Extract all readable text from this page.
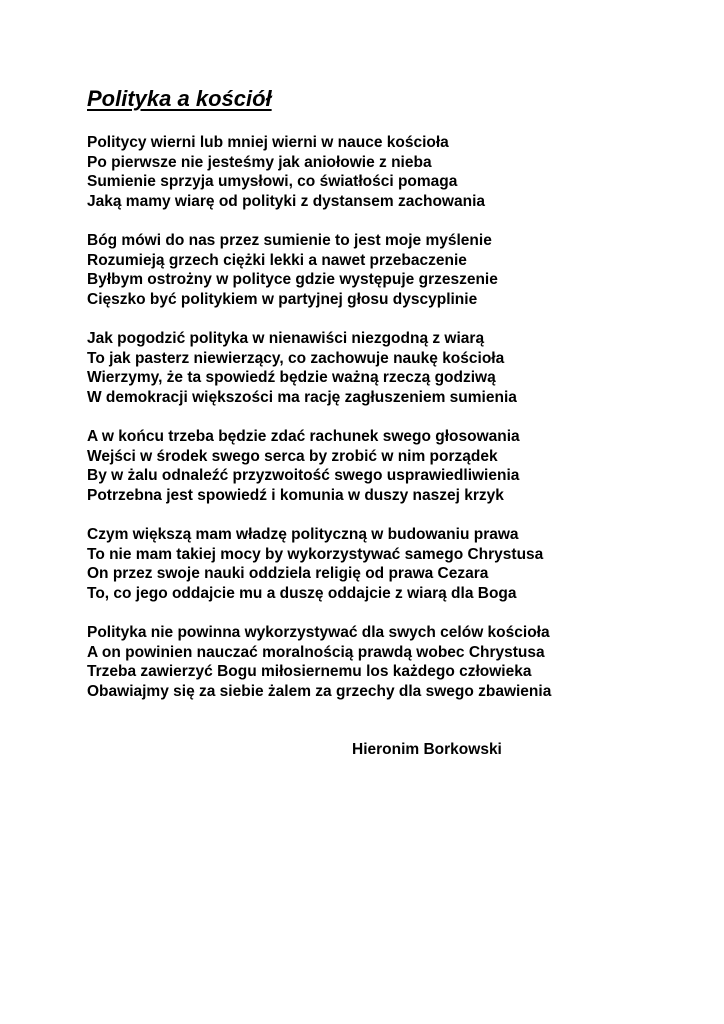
Polityka a kościół
Politycy wierni lub mniej wierni w nauce kościoła
Po pierwsze nie jesteśmy jak aniołowie z nieba
Sumienie sprzyja umysłowi, co światłości pomaga
Jaką mamy wiarę od polityki z dystansem zachowania
Bóg mówi do nas przez sumienie to jest moje myślenie
Rozumieją grzech ciężki lekki a nawet przebaczenie
Byłbym ostrożny w polityce gdzie występuje grzeszenie
Cięszko być politykiem w partyjnej głosu dyscyplinie
Jak pogodzić polityka w nienawiści niezgodną z wiarą
To jak pasterz niewierzący, co zachowuje naukę kościoła
Wierzymy, że ta spowiedź będzie ważną rzeczą godziwą
W demokracji większości ma rację zagłuszeniem sumienia
A w końcu trzeba będzie zdać rachunek swego głosowania
Wejści w środek swego serca by zrobić w nim porządek
By w żalu odnaleźć przyzwoitość swego usprawiedliwienia
Potrzebna jest spowiedź i komunia w duszy naszej krzyk
Czym większą mam władzę polityczną w budowaniu prawa
To nie mam takiej mocy by wykorzystywać samego Chrystusa
On przez swoje nauki oddziela religię od prawa Cezara
To, co jego oddajcie mu a duszę oddajcie z wiarą dla Boga
Polityka nie powinna wykorzystywać dla swych celów kościoła
A on powinien nauczać moralnością prawdą wobec Chrystusa
Trzeba zawierzyć Bogu miłosiernemu los każdego człowieka
Obawiajmy się za siebie żalem za grzechy dla swego zbawienia
Hieronim Borkowski
